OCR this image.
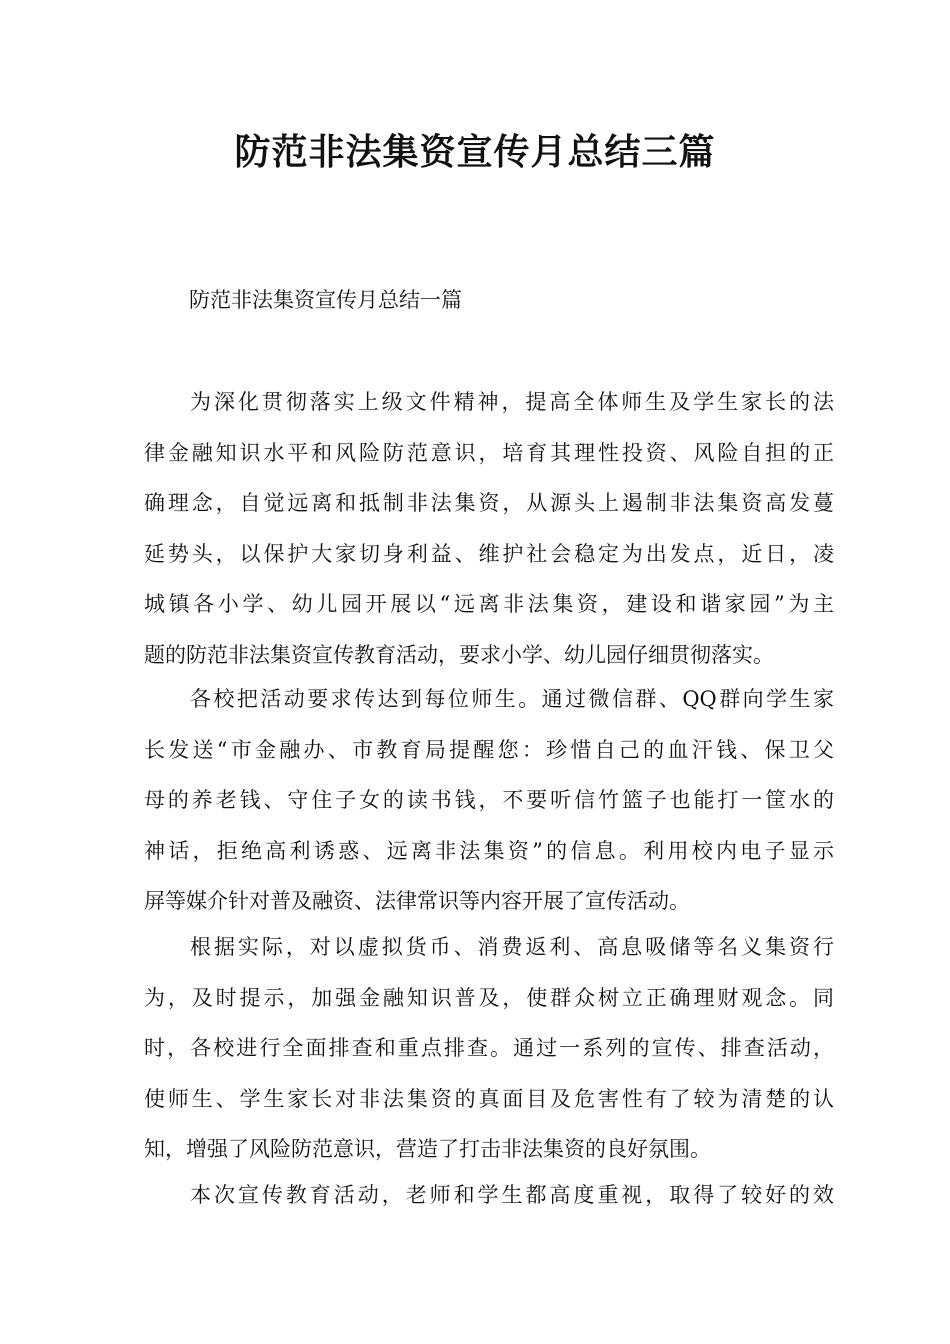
防范非法集资宣传月总结三篇

防范非法集资宣传月总结一篇

为深化贯彻落实上级文件精神，提高全体师生及学生家长的法
律金融知识水平和风险防范意识，培育其理性投资、风险自担的正
确理念，自觉远离和抵制非法集资，从源头上遏制非法集资高发蔓
延势头，以保护大家切身利益、维护社会稳定为出发点，近日，凌
城镇各小学、幼儿园开展以“远离非法集资，建设和谐家园”为主
题的防范非法集资宣传教育活动，要求小学、幼儿园仔细贯彻落实。
各校把活动要求传达到每位师生。通过微信群、QQ群向学生家
长发送“市金融办、市教育局提醒您：珍惜自己的血汗钱、保卫父
母的养老钱、守住子女的读书钱，不要听信竹篮子也能打一筐水的
神话，拒绝高利诱惑、远离非法集资”的信息。利用校内电子显示
屏等媒介针对普及融资、法律常识等内容开展了宣传活动。
根据实际，对以虚拟货币、消费返利、高息吸储等名义集资行
为，及时提示，加强金融知识普及，使群众树立正确理财观念。同
时，各校进行全面排查和重点排查。通过一系列的宣传、排查活动，
使师生、学生家长对非法集资的真面目及危害性有了较为清楚的认
知，增强了风险防范意识，营造了打击非法集资的良好氛围。
本次宣传教育活动，老师和学生都高度重视，取得了较好的效
